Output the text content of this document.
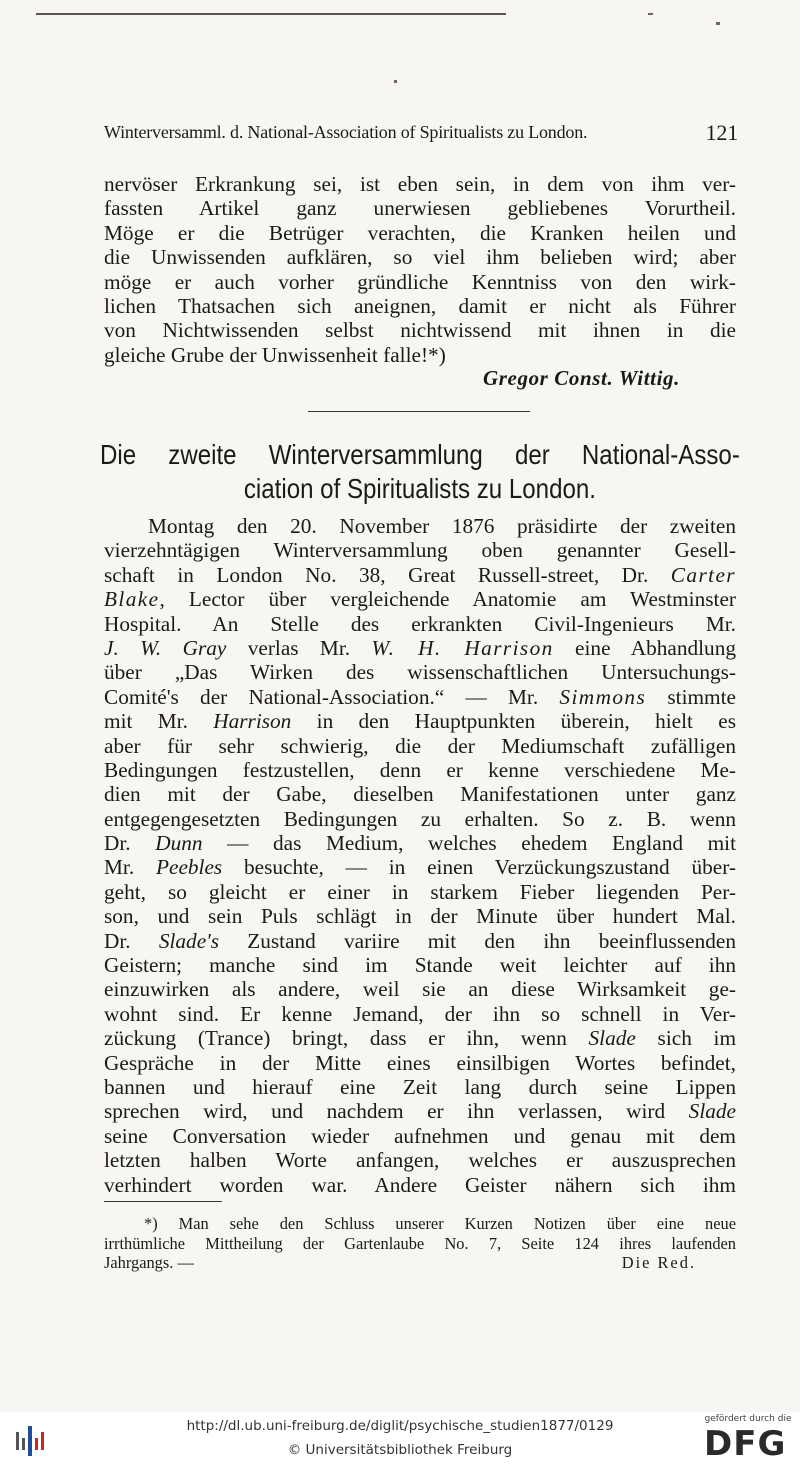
Winterversamml. d. National-Association of Spiritualists zu London.	121
nervöser Erkrankung sei, ist eben sein, in dem von ihm ver-
fassten Artikel ganz unerwiesen gebliebenes Vorurtheil.
Möge er die Betrüger verachten, die Kranken heilen und
die Unwissenden aufklären, so viel ihm belieben wird; aber
möge er auch vorher gründliche Kenntniss von den wirk-
lichen Thatsachen sich aneignen, damit er nicht als Führer
von Nichtwissenden selbst nichtwissend mit ihnen in die
gleiche Grube der Unwissenheit falle!*)
Gregor Const. Wittig.
Die zweite Winterversammlung der National-Asso-
ciation of Spiritualists zu London.
Montag den 20. November 1876 präsidirte der zweiten
vierzehntägigen Winterversammlung oben genannter Gesell-
schaft in London No. 38, Great Russell-street, Dr. Carter
Blake, Lector über vergleichende Anatomie am Westminster
Hospital. An Stelle des erkrankten Civil-Ingenieurs Mr.
J. W. Gray verlas Mr. W. H. Harrison eine Abhandlung
über „Das Wirken des wissenschaftlichen Untersuchungs-
Comité's der National-Association.“ — Mr. Simmons stimmte
mit Mr. Harrison in den Hauptpunkten überein, hielt es
aber für sehr schwierig, die der Mediumschaft zufälligen
Bedingungen festzustellen, denn er kenne verschiedene Me-
dien mit der Gabe, dieselben Manifestationen unter ganz
entgegengesetzten Bedingungen zu erhalten. So z. B. wenn
Dr. Dunn — das Medium, welches ehedem England mit
Mr. Peebles besuchte, — in einen Verzückungszustand über-
geht, so gleicht er einer in starkem Fieber liegenden Per-
son, und sein Puls schlägt in der Minute über hundert Mal.
Dr. Slade's Zustand variire mit den ihn beeinflussenden
Geistern; manche sind im Stande weit leichter auf ihn
einzuwirken als andere, weil sie an diese Wirksamkeit ge-
wohnt sind. Er kenne Jemand, der ihn so schnell in Ver-
zückung (Trance) bringt, dass er ihn, wenn Slade sich im
Gespräche in der Mitte eines einsilbigen Wortes befindet,
bannen und hierauf eine Zeit lang durch seine Lippen
sprechen wird, und nachdem er ihn verlassen, wird Slade
seine Conversation wieder aufnehmen und genau mit dem
letzten halben Worte anfangen, welches er auszusprechen
verhindert worden war. Andere Geister nähern sich ihm
*) Man sehe den Schluss unserer Kurzen Notizen über eine neue
irrthümliche Mittheilung der Gartenlaube No. 7, Seite 124 ihres laufenden
Jahrgangs. —	Die Red.
http://dl.ub.uni-freiburg.de/diglit/psychische_studien1877/0129
© Universitätsbibliothek Freiburg
gefördert durch die
DFG
